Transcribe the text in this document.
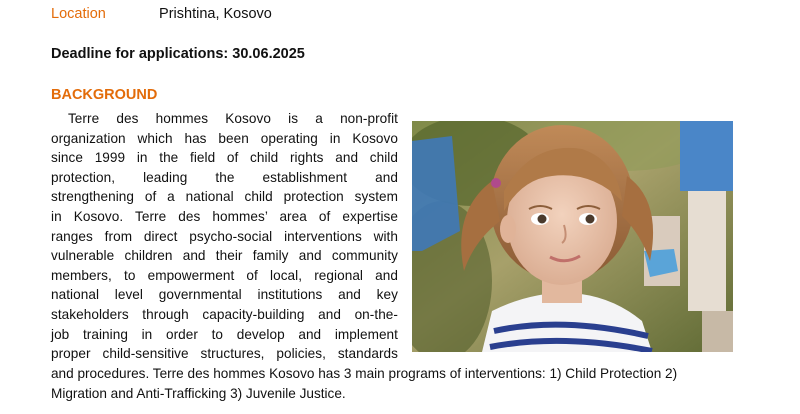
Location	Prishtina, Kosovo
Deadline for applications: 30.06.2025
BACKGROUND

Terre des hommes Kosovo is a non-profit
organization which has been operating in Kosovo
since 1999 in the field of child rights and child
protection, leading the establishment and
strengthening of a national child protection system
in Kosovo. Terre des hommes’ area of expertise
ranges from direct psycho-social interventions with
vulnerable children and their family and community
members, to empowerment of local, regional and
national level governmental institutions and key
stakeholders through capacity-building and on-the-
job training in order to develop and implement
proper child-sensitive structures, policies, standards

and procedures. Terre des hommes Kosovo has 3 main programs of interventions: 1) Child Protection 2)
Migration and Anti-Trafficking 3) Juvenile Justice.
